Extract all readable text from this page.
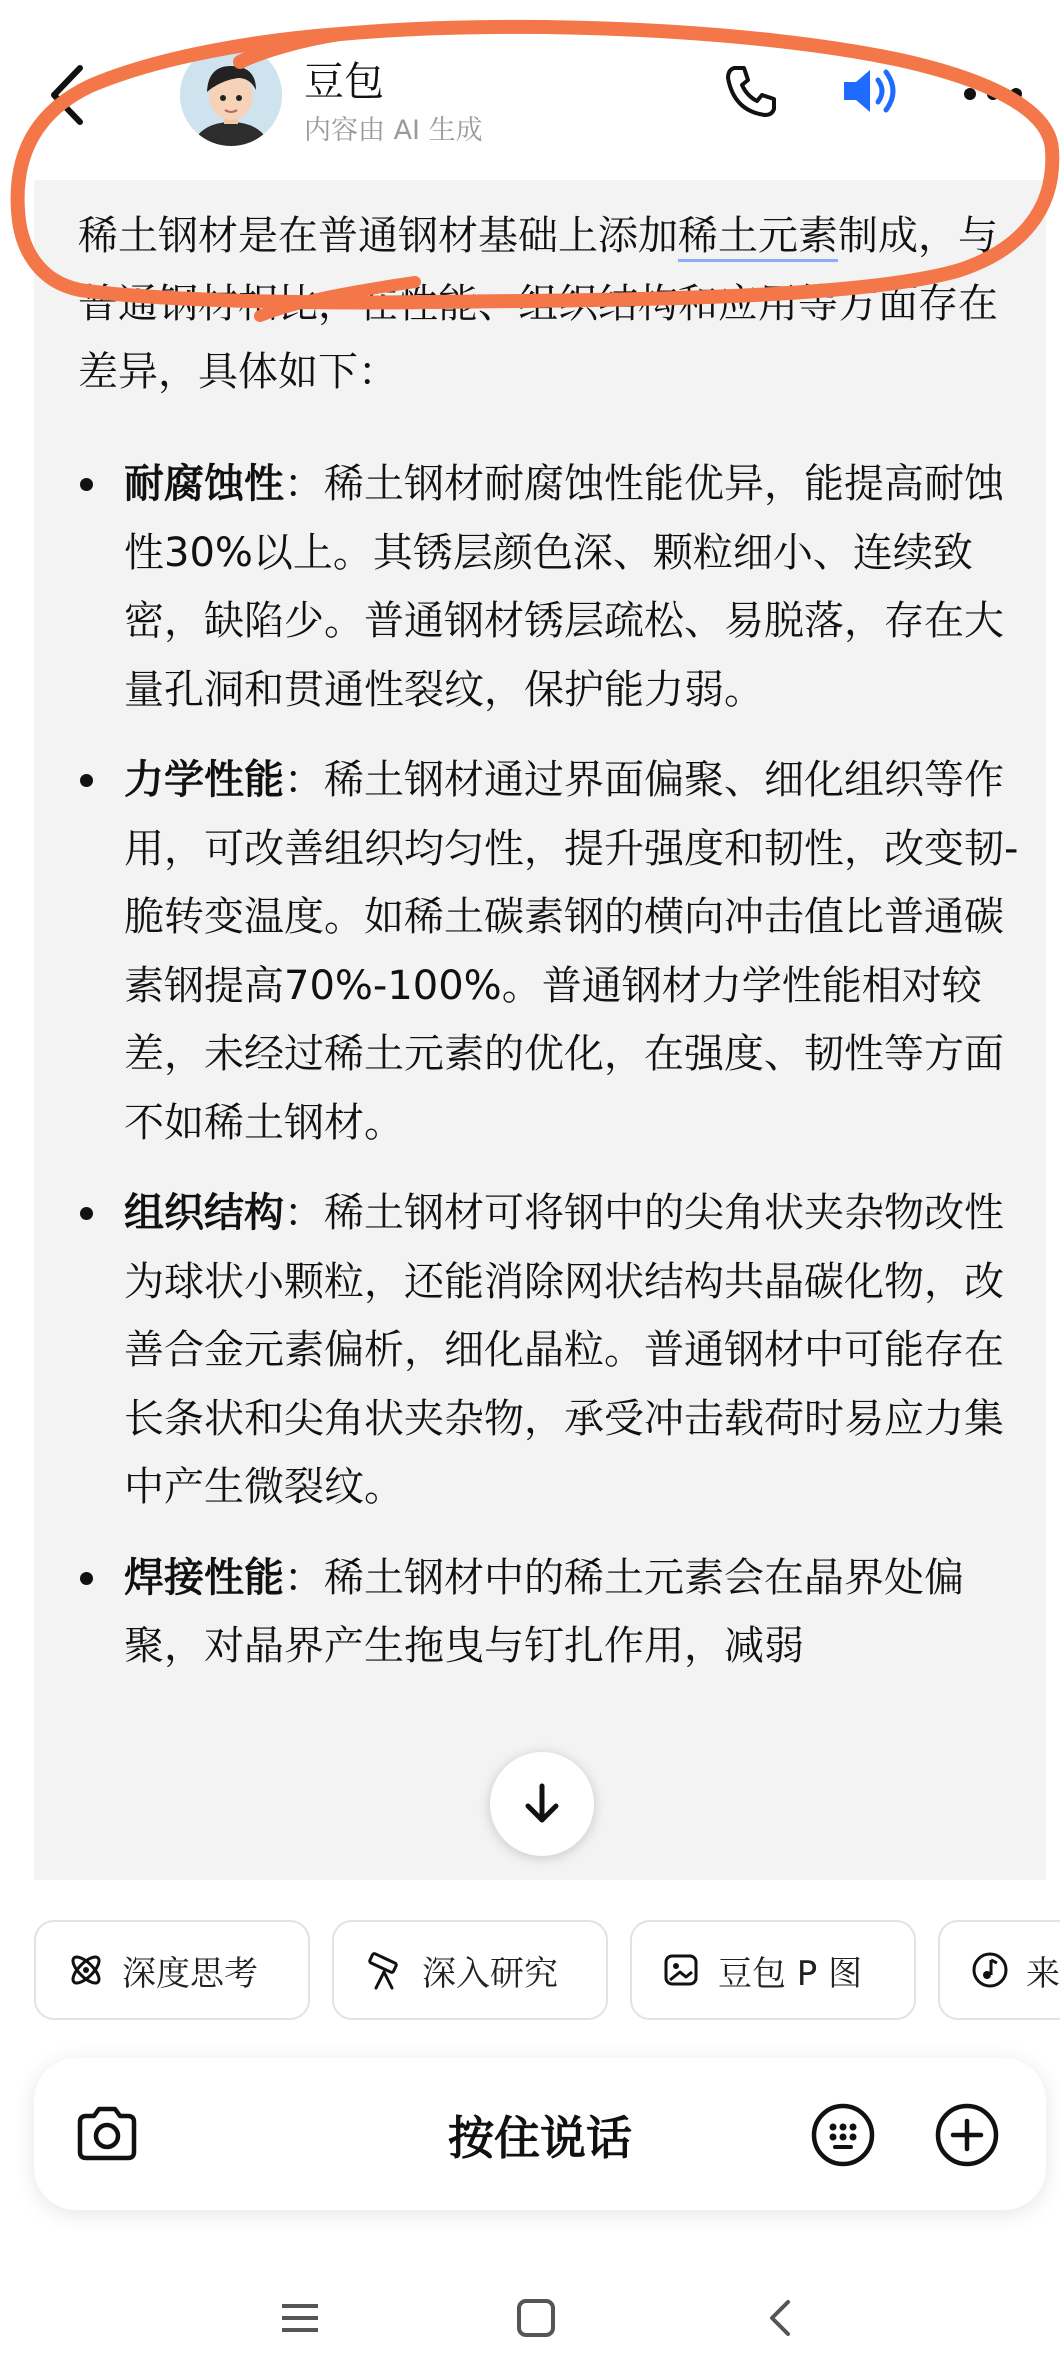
豆包
内容由 AI 生成
稀土钢材是在普通钢材基础上添加稀土元素制成，与普通钢材相比，在性能、组织结构和应用等方面存在差异，具体如下：
耐腐蚀性：稀土钢材耐腐蚀性能优异，能提高耐蚀性30%以上。其锈层颜色深、颗粒细小、连续致密，缺陷少。普通钢材锈层疏松、易脱落，存在大量孔洞和贯通性裂纹，保护能力弱。
力学性能：稀土钢材通过界面偏聚、细化组织等作用，可改善组织均匀性，提升强度和韧性，改变韧-脆转变温度。如稀土碳素钢的横向冲击值比普通碳素钢提高70%-100%。普通钢材力学性能相对较差，未经过稀土元素的优化，在强度、韧性等方面不如稀土钢材。
组织结构：稀土钢材可将钢中的尖角状夹杂物改性为球状小颗粒，还能消除网状结构共晶碳化物，改善合金元素偏析，细化晶粒。普通钢材中可能存在长条状和尖角状夹杂物，承受冲击载荷时易应力集中产生微裂纹。
焊接性能：稀土钢材中的稀土元素会在晶界处偏聚，对晶界产生拖曳与钉扎作用，减弱
深度思考	深入研究	豆包 P 图	来
按住说话
